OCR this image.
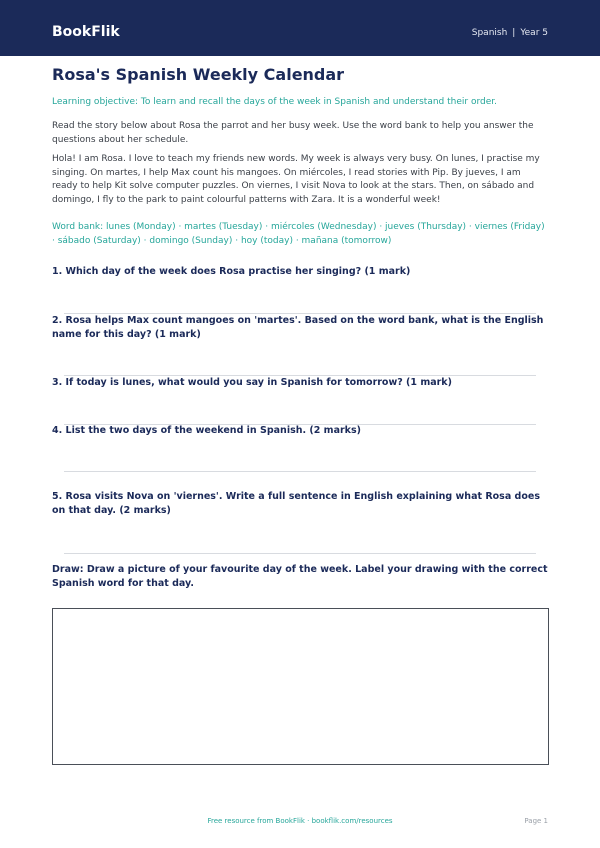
BookFlik	Spanish | Year 5
Rosa's Spanish Weekly Calendar
Learning objective: To learn and recall the days of the week in Spanish and understand their order.
Read the story below about Rosa the parrot and her busy week. Use the word bank to help you answer the questions about her schedule.
Hola! I am Rosa. I love to teach my friends new words. My week is always very busy. On lunes, I practise my singing. On martes, I help Max count his mangoes. On miércoles, I read stories with Pip. By jueves, I am ready to help Kit solve computer puzzles. On viernes, I visit Nova to look at the stars. Then, on sábado and domingo, I fly to the park to paint colourful patterns with Zara. It is a wonderful week!
Word bank: lunes (Monday) · martes (Tuesday) · miércoles (Wednesday) · jueves (Thursday) · viernes (Friday) · sábado (Saturday) · domingo (Sunday) · hoy (today) · mañana (tomorrow)
1. Which day of the week does Rosa practise her singing? (1 mark)
2. Rosa helps Max count mangoes on 'martes'. Based on the word bank, what is the English name for this day? (1 mark)
3. If today is lunes, what would you say in Spanish for tomorrow? (1 mark)
4. List the two days of the weekend in Spanish. (2 marks)
5. Rosa visits Nova on 'viernes'. Write a full sentence in English explaining what Rosa does on that day. (2 marks)
Draw: Draw a picture of your favourite day of the week. Label your drawing with the correct Spanish word for that day.
Free resource from BookFlik · bookflik.com/resources	Page 1
